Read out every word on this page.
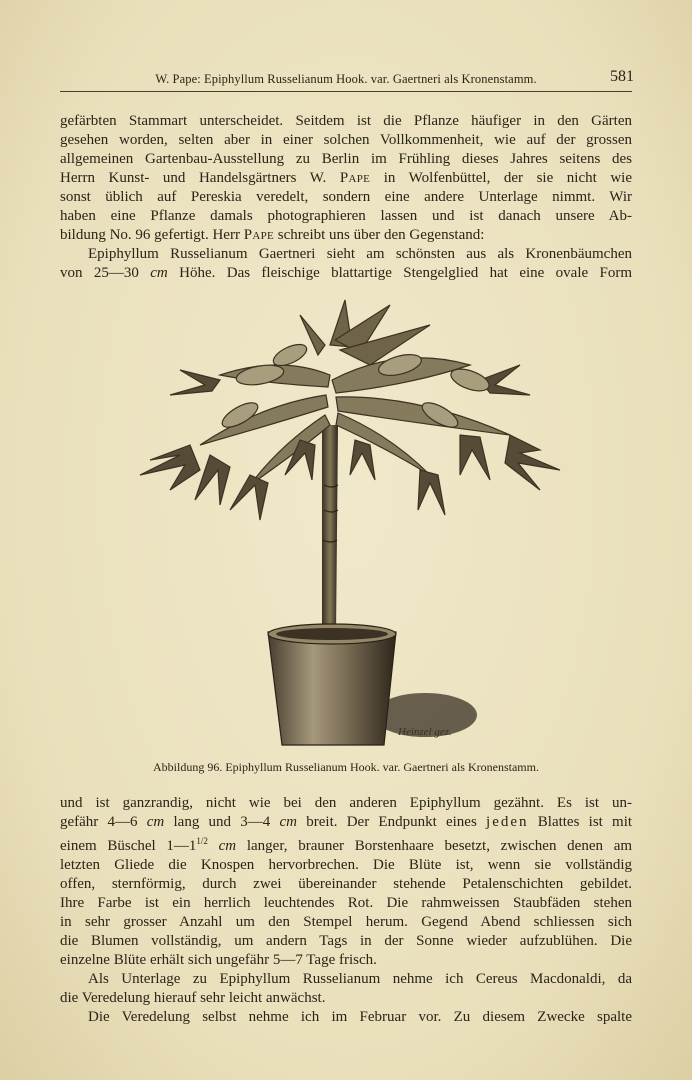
W. Pape: Epiphyllum Russelianum Hook. var. Gaertneri als Kronenstamm.	581
gefärbten Stammart unterscheidet. Seitdem ist die Pflanze häufiger in den Gärten
gesehen worden, selten aber in einer solchen Vollkommenheit, wie auf der grossen
allgemeinen Gartenbau-Ausstellung zu Berlin im Frühling dieses Jahres seitens des
Herrn Kunst- und Handelsgärtners W. Pape in Wolfenbüttel, der sie nicht wie
sonst üblich auf Pereskia veredelt, sondern eine andere Unterlage nimmt. Wir
haben eine Pflanze damals photographieren lassen und ist danach unsere Ab-
bildung No. 96 gefertigt. Herr Pape schreibt uns über den Gegenstand:
Epiphyllum Russelianum Gaertneri sieht am schönsten aus als Kronenbäumchen
von 25—30 cm Höhe. Das fleischige blattartige Stengelglied hat eine ovale Form
Heinzel gez.
Abbildung 96. Epiphyllum Russelianum Hook. var. Gaertneri als Kronenstamm.
und ist ganzrandig, nicht wie bei den anderen Epiphyllum gezähnt. Es ist un-
gefähr 4—6 cm lang und 3—4 cm breit. Der Endpunkt eines jeden Blattes ist mit
einem Büschel $1—1^{1/2}$ cm langer, brauner Borstenhaare besetzt, zwischen denen am
letzten Gliede die Knospen hervorbrechen. Die Blüte ist, wenn sie vollständig
offen, sternförmig, durch zwei übereinander stehende Petalenschichten gebildet.
Ihre Farbe ist ein herrlich leuchtendes Rot. Die rahmweissen Staubfäden stehen
in sehr grosser Anzahl um den Stempel herum. Gegend Abend schliessen sich
die Blumen vollständig, um andern Tags in der Sonne wieder aufzublühen. Die
einzelne Blüte erhält sich ungefähr 5—7 Tage frisch.
Als Unterlage zu Epiphyllum Russelianum nehme ich Cereus Macdonaldi, da
die Veredelung hierauf sehr leicht anwächst.
Die Veredelung selbst nehme ich im Februar vor. Zu diesem Zwecke spalte
